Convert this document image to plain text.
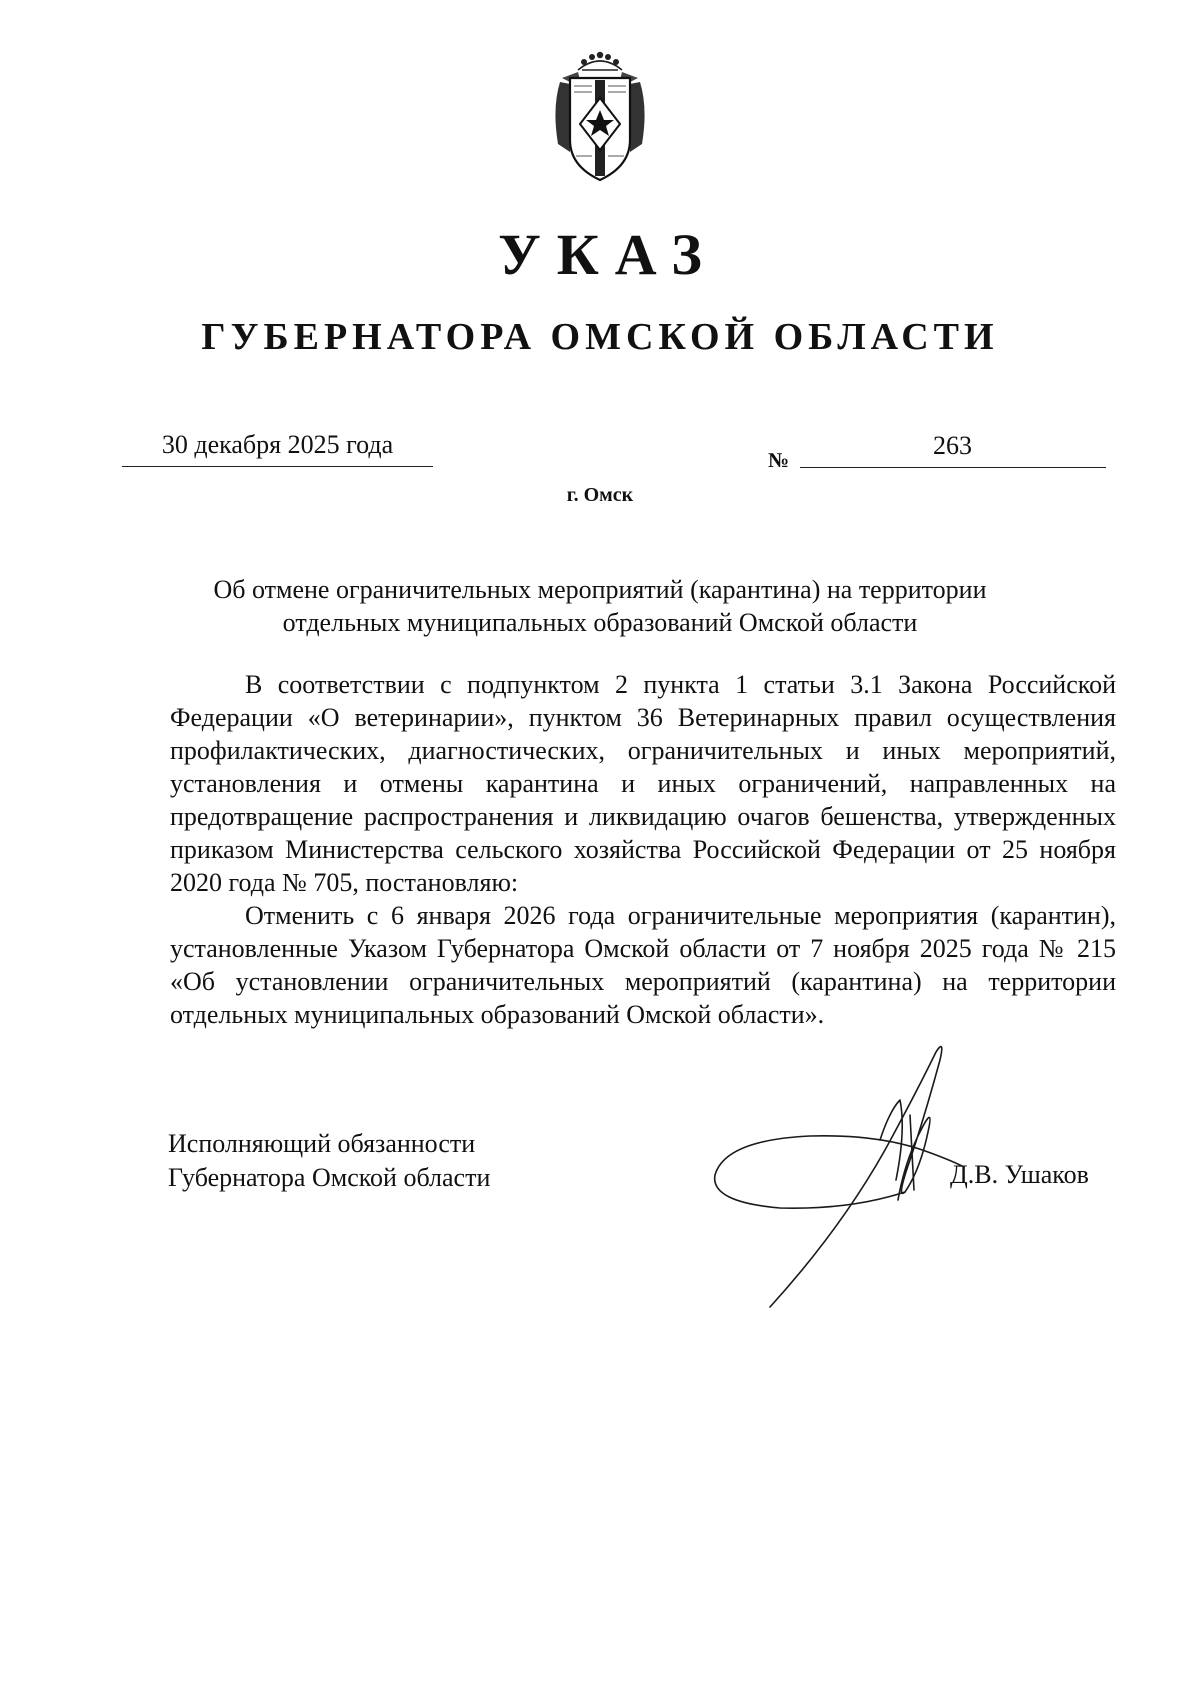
УКАЗ
ГУБЕРНАТОРА ОМСКОЙ ОБЛАСТИ
30 декабря 2025 года
№	263
г. Омск
Об отмене ограничительных мероприятий (карантина) на территории
отдельных муниципальных образований Омской области

В соответствии с подпунктом 2 пункта 1 статьи 3.1 Закона Российской Федерации «О ветеринарии», пунктом 36 Ветеринарных правил осуществления профилактических, диагностических, ограничительных и иных мероприятий, установления и отмены карантина и иных ограничений, направленных на предотвращение распространения и ликвидацию очагов бешенства, утвержденных приказом Министерства сельского хозяйства Российской Федерации от 25 ноября 2020 года № 705, постановляю:

Отменить с 6 января 2026 года ограничительные мероприятия (карантин), установленные Указом Губернатора Омской области от 7 ноября 2025 года № 215 «Об установлении ограничительных мероприятий (карантина) на территории отдельных муниципальных образований Омской области».

Исполняющий обязанности
Губернатора Омской области	Д.В. Ушаков
